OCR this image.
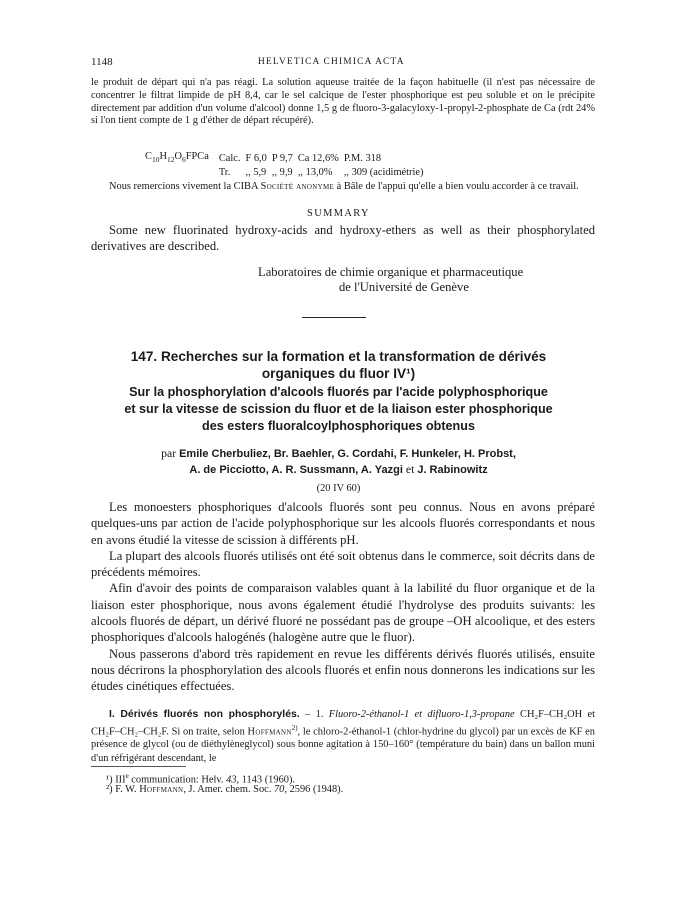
1148	HELVETICA CHIMICA ACTA

le produit de départ qui n'a pas réagi. La solution aqueuse traitée de la façon habituelle (il n'est pas nécessaire de concentrer le filtrat limpide de pH 8,4, car le sel calcique de l'ester phosphorique est peu soluble et on le précipite directement par addition d'un volume d'alcool) donne 1,5 g de fluoro-3-galacyloxy-1-propyl-2-phosphate de Ca (rdt 24% si l'on tient compte de 1 g d'éther de départ récupéré).

$C_{10}H_{12}O_6FPCa$	Calc.	F 6,0	P 9,7	Ca 12,6%	P.M. 318
	Tr.	,, 5,9	,, 9,9	,, 13,0%	,, 309 (acidimétrie)

Nous remercions vivement la CIBA Société anonyme à Bâle de l'appui qu'elle a bien voulu accorder à ce travail.

SUMMARY

Some new fluorinated hydroxy-acids and hydroxy-ethers as well as their phosphorylated derivatives are described.

Laboratoires de chimie organique et pharmaceutique
de l'Université de Genève
147. Recherches sur la formation et la transformation de dérivés
organiques du fluor IV¹)
Sur la phosphorylation d'alcools fluorés par l'acide polyphosphorique
et sur la vitesse de scission du fluor et de la liaison ester phosphorique
des esters fluoralcoylphosphoriques obtenus
par Emile Cherbuliez, Br. Baehler, G. Cordahi, F. Hunkeler, H. Probst,
A. de Picciotto, A. R. Sussmann, A. Yazgi et J. Rabinowitz
(20 IV 60)

Les monoesters phosphoriques d'alcools fluorés sont peu connus. Nous en avons préparé quelques-uns par action de l'acide polyphosphorique sur les alcools fluorés correspondants et nous en avons étudié la vitesse de scission à différents pH.

La plupart des alcools fluorés utilisés ont été soit obtenus dans le commerce, soit décrits dans de précédents mémoires.

Afin d'avoir des points de comparaison valables quant à la labilité du fluor organique et de la liaison ester phosphorique, nous avons également étudié l'hydrolyse des produits suivants: les alcools fluorés de départ, un dérivé fluoré ne possédant pas de groupe –OH alcoolique, et des esters phosphoriques d'alcools halogénés (halogène autre que le fluor).

Nous passerons d'abord très rapidement en revue les différents dérivés fluorés utilisés, ensuite nous décrirons la phosphorylation des alcools fluorés et enfin nous donnerons les indications sur les études cinétiques effectuées.

I. Dérivés fluorés non phosphorylés. – 1. Fluoro-2-éthanol-1 et difluoro-1,3-propane CH₂F–CH₂OH et CH₂F–CH₂–CH₂F. Si on traite, selon Hoffmann$^{2)}$, le chloro-2-éthanol-1 (chlor-hydrine du glycol) par un excès de KF en présence de glycol (ou de diéthylèneglycol) sous bonne agitation à 150–160° (température du bain) dans un ballon muni d'un réfrigérant descendant, le

¹) IIIe communication: Helv. 43, 1143 (1960).
²) F. W. Hoffmann, J. Amer. chem. Soc. 70, 2596 (1948).
